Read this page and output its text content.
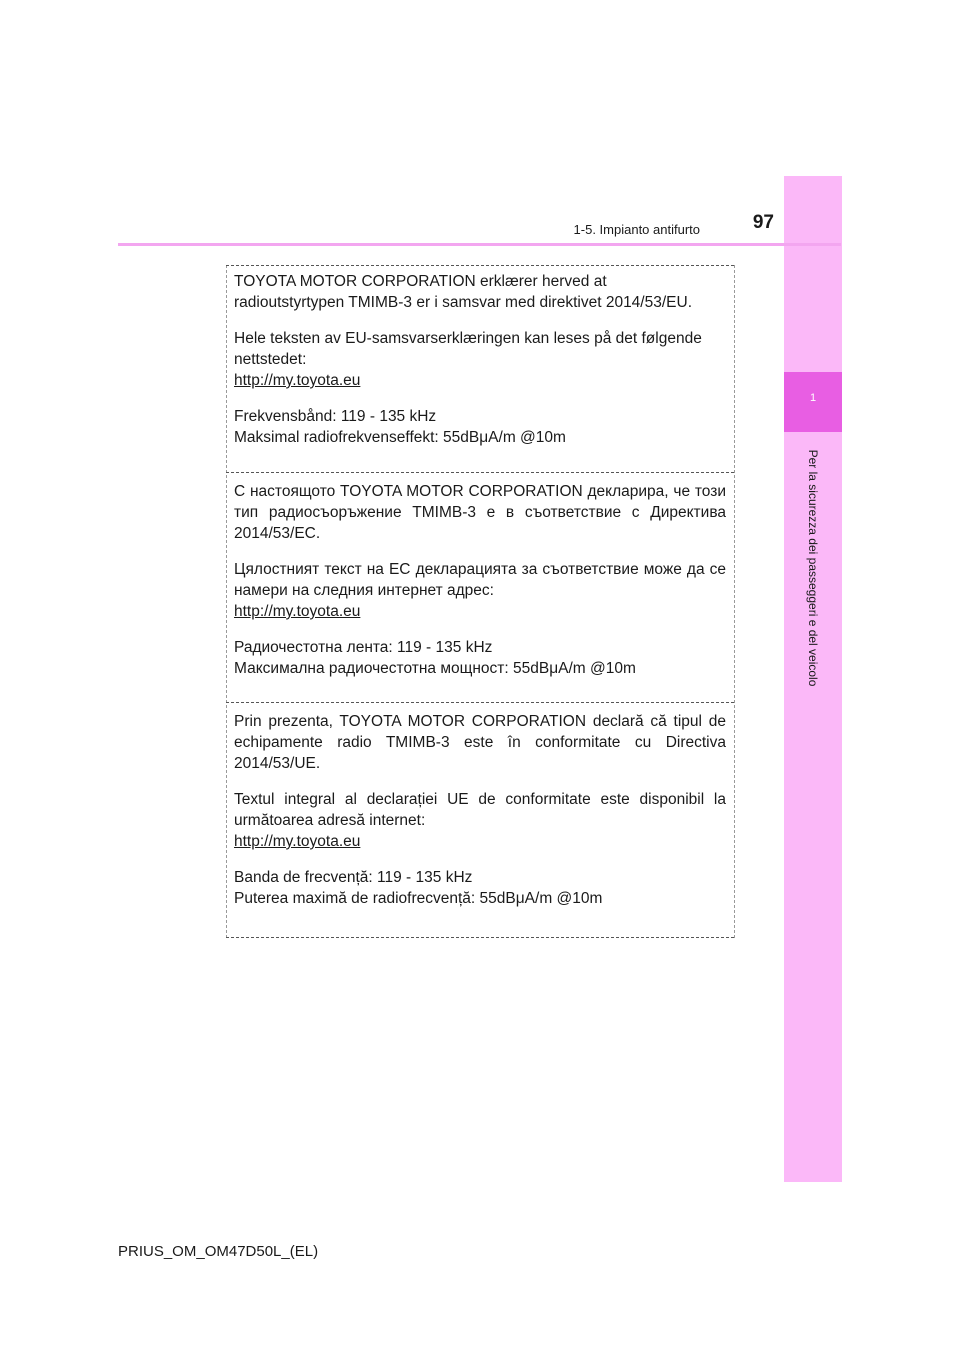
1
Per la sicurezza dei passeggeri e del veicolo
1-5. Impianto antifurto	97

TOYOTA MOTOR CORPORATION erklærer herved at

radioutstyrtypen TMIMB-3 er i samsvar med direktivet 2014/53/EU.

Hele teksten av EU-samsvarserklæringen kan leses på det følgende nettstedet:

http://my.toyota.eu

Frekvensbånd: 119 - 135 kHz

Maksimal radiofrekvenseffekt: 55dBμA/m @10m

С настоящото TOYOTA MOTOR CORPORATION декларира, че този тип радиосъоръжение TMIMB-3 е в съответствие с Директива 2014/53/ЕС.

Цялостният текст на ЕС декларацията за съответствие може да се намери на следния интернет адрес:

http://my.toyota.eu

Радиочестотна лента: 119 - 135 kHz

Максимална радиочестотна мощност: 55dBμA/m @10m

Prin prezenta, TOYOTA MOTOR CORPORATION declară că tipul de echipamente radio TMIMB-3 este în conformitate cu Directiva 2014/53/UE.

Textul integral al declarației UE de conformitate este disponibil la următoarea adresă internet:

http://my.toyota.eu

Banda de frecvență: 119 - 135 kHz

Puterea maximă de radiofrecvență: 55dBμA/m @10m

PRIUS_OM_OM47D50L_(EL)
